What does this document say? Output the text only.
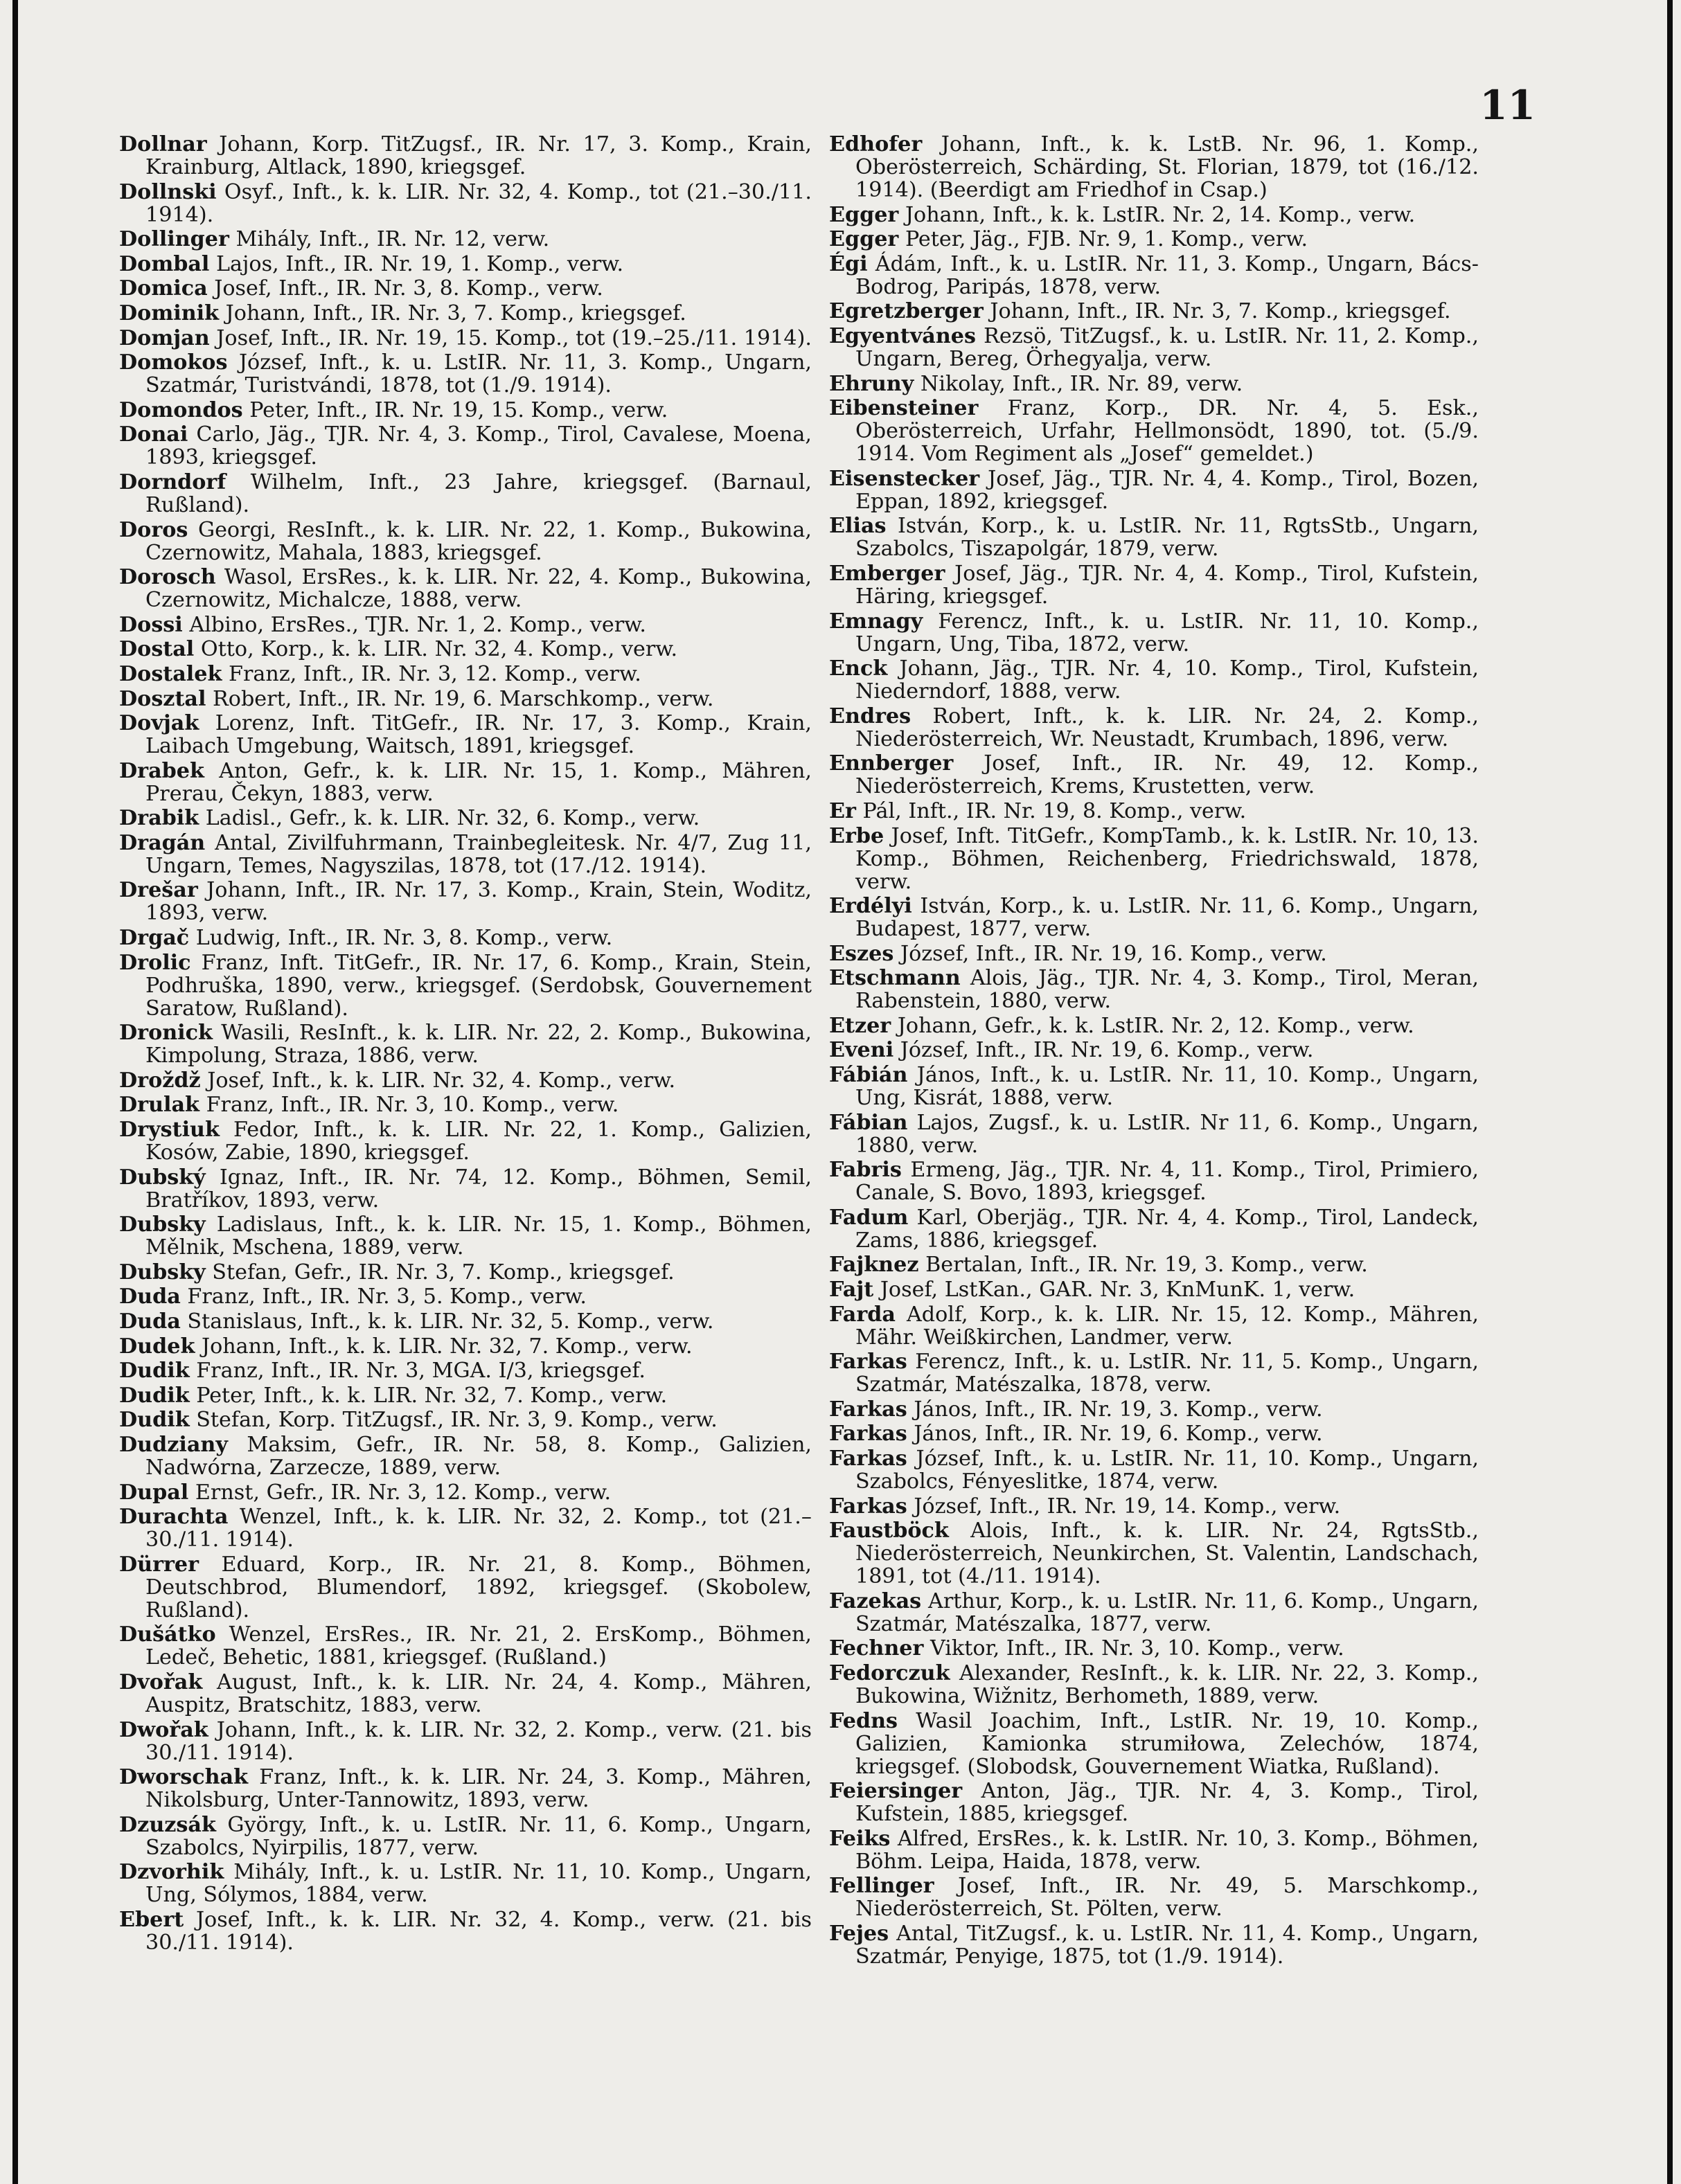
11

Dollnar Johann, Korp. TitZugsf., IR. Nr. 17, 3. Komp., Krain, Krainburg, Altlack, 1890, kriegsgef.

Dollnski Osyf., Inft., k. k. LIR. Nr. 32, 4. Komp., tot (21.–30./11. 1914).

Dollinger Mihály, Inft., IR. Nr. 12, verw.

Dombal Lajos, Inft., IR. Nr. 19, 1. Komp., verw.

Domica Josef, Inft., IR. Nr. 3, 8. Komp., verw.

Dominik Johann, Inft., IR. Nr. 3, 7. Komp., kriegsgef.

Domjan Josef, Inft., IR. Nr. 19, 15. Komp., tot (19.–25./11. 1914).

Domokos József, Inft., k. u. LstIR. Nr. 11, 3. Komp., Ungarn, Szatmár, Turistvándi, 1878, tot (1./9. 1914).

Domondos Peter, Inft., IR. Nr. 19, 15. Komp., verw.

Donai Carlo, Jäg., TJR. Nr. 4, 3. Komp., Tirol, Cavalese, Moena, 1893, kriegsgef.

Dorndorf Wilhelm, Inft., 23 Jahre, kriegsgef. (Barnaul, Rußland).

Doros Georgi, ResInft., k. k. LIR. Nr. 22, 1. Komp., Bukowina, Czernowitz, Mahala, 1883, kriegsgef.

Dorosch Wasol, ErsRes., k. k. LIR. Nr. 22, 4. Komp., Bukowina, Czernowitz, Michalcze, 1888, verw.

Dossi Albino, ErsRes., TJR. Nr. 1, 2. Komp., verw.

Dostal Otto, Korp., k. k. LIR. Nr. 32, 4. Komp., verw.

Dostalek Franz, Inft., IR. Nr. 3, 12. Komp., verw.

Dosztal Robert, Inft., IR. Nr. 19, 6. Marschkomp., verw.

Dovjak Lorenz, Inft. TitGefr., IR. Nr. 17, 3. Komp., Krain, Laibach Umgebung, Waitsch, 1891, kriegsgef.

Drabek Anton, Gefr., k. k. LIR. Nr. 15, 1. Komp., Mähren, Prerau, Čekyn, 1883, verw.

Drabik Ladisl., Gefr., k. k. LIR. Nr. 32, 6. Komp., verw.

Dragán Antal, Zivilfuhrmann, Trainbegleitesk. Nr. 4/7, Zug 11, Ungarn, Temes, Nagyszilas, 1878, tot (17./12. 1914).

Drešar Johann, Inft., IR. Nr. 17, 3. Komp., Krain, Stein, Woditz, 1893, verw.

Drgač Ludwig, Inft., IR. Nr. 3, 8. Komp., verw.

Drolic Franz, Inft. TitGefr., IR. Nr. 17, 6. Komp., Krain, Stein, Podhruška, 1890, verw., kriegsgef. (Serdobsk, Gouvernement Saratow, Rußland).

Dronick Wasili, ResInft., k. k. LIR. Nr. 22, 2. Komp., Bukowina, Kimpolung, Straza, 1886, verw.

Droždž Josef, Inft., k. k. LIR. Nr. 32, 4. Komp., verw.

Drulak Franz, Inft., IR. Nr. 3, 10. Komp., verw.

Drystiuk Fedor, Inft., k. k. LIR. Nr. 22, 1. Komp., Galizien, Kosów, Zabie, 1890, kriegsgef.

Dubský Ignaz, Inft., IR. Nr. 74, 12. Komp., Böhmen, Semil, Bratříkov, 1893, verw.

Dubsky Ladislaus, Inft., k. k. LIR. Nr. 15, 1. Komp., Böhmen, Mělnik, Mschena, 1889, verw.

Dubsky Stefan, Gefr., IR. Nr. 3, 7. Komp., kriegsgef.

Duda Franz, Inft., IR. Nr. 3, 5. Komp., verw.

Duda Stanislaus, Inft., k. k. LIR. Nr. 32, 5. Komp., verw.

Dudek Johann, Inft., k. k. LIR. Nr. 32, 7. Komp., verw.

Dudik Franz, Inft., IR. Nr. 3, MGA. I/3, kriegsgef.

Dudik Peter, Inft., k. k. LIR. Nr. 32, 7. Komp., verw.

Dudik Stefan, Korp. TitZugsf., IR. Nr. 3, 9. Komp., verw.

Dudziany Maksim, Gefr., IR. Nr. 58, 8. Komp., Galizien, Nadwórna, Zarzecze, 1889, verw.

Dupal Ernst, Gefr., IR. Nr. 3, 12. Komp., verw.

Durachta Wenzel, Inft., k. k. LIR. Nr. 32, 2. Komp., tot (21.–30./11. 1914).

Dürrer Eduard, Korp., IR. Nr. 21, 8. Komp., Böhmen, Deutschbrod, Blumendorf, 1892, kriegsgef. (Skobolew, Rußland).

Dušátko Wenzel, ErsRes., IR. Nr. 21, 2. ErsKomp., Böhmen, Ledeč, Behetic, 1881, kriegsgef. (Rußland.)

Dvořak August, Inft., k. k. LIR. Nr. 24, 4. Komp., Mähren, Auspitz, Bratschitz, 1883, verw.

Dwořak Johann, Inft., k. k. LIR. Nr. 32, 2. Komp., verw. (21. bis 30./11. 1914).

Dworschak Franz, Inft., k. k. LIR. Nr. 24, 3. Komp., Mähren, Nikolsburg, Unter-Tannowitz, 1893, verw.

Dzuzsák György, Inft., k. u. LstIR. Nr. 11, 6. Komp., Ungarn, Szabolcs, Nyirpilis, 1877, verw.

Dzvorhik Mihály, Inft., k. u. LstIR. Nr. 11, 10. Komp., Ungarn, Ung, Sólymos, 1884, verw.

Ebert Josef, Inft., k. k. LIR. Nr. 32, 4. Komp., verw. (21. bis 30./11. 1914).

Edhofer Johann, Inft., k. k. LstB. Nr. 96, 1. Komp., Oberösterreich, Schärding, St. Florian, 1879, tot (16./12. 1914). (Beerdigt am Friedhof in Csap.)

Egger Johann, Inft., k. k. LstIR. Nr. 2, 14. Komp., verw.

Egger Peter, Jäg., FJB. Nr. 9, 1. Komp., verw.

Égi Ádám, Inft., k. u. LstIR. Nr. 11, 3. Komp., Ungarn, Bács-Bodrog, Paripás, 1878, verw.

Egretzberger Johann, Inft., IR. Nr. 3, 7. Komp., kriegsgef.

Egyentvánes Rezsö, TitZugsf., k. u. LstIR. Nr. 11, 2. Komp., Ungarn, Bereg, Örhegyalja, verw.

Ehruny Nikolay, Inft., IR. Nr. 89, verw.

Eibensteiner Franz, Korp., DR. Nr. 4, 5. Esk., Oberösterreich, Urfahr, Hellmonsödt, 1890, tot. (5./9. 1914. Vom Regiment als „Josef“ gemeldet.)

Eisenstecker Josef, Jäg., TJR. Nr. 4, 4. Komp., Tirol, Bozen, Eppan, 1892, kriegsgef.

Elias István, Korp., k. u. LstIR. Nr. 11, RgtsStb., Ungarn, Szabolcs, Tiszapolgár, 1879, verw.

Emberger Josef, Jäg., TJR. Nr. 4, 4. Komp., Tirol, Kufstein, Häring, kriegsgef.

Emnagy Ferencz, Inft., k. u. LstIR. Nr. 11, 10. Komp., Ungarn, Ung, Tiba, 1872, verw.

Enck Johann, Jäg., TJR. Nr. 4, 10. Komp., Tirol, Kufstein, Niederndorf, 1888, verw.

Endres Robert, Inft., k. k. LIR. Nr. 24, 2. Komp., Niederösterreich, Wr. Neustadt, Krumbach, 1896, verw.

Ennberger Josef, Inft., IR. Nr. 49, 12. Komp., Niederösterreich, Krems, Krustetten, verw.

Er Pál, Inft., IR. Nr. 19, 8. Komp., verw.

Erbe Josef, Inft. TitGefr., KompTamb., k. k. LstIR. Nr. 10, 13. Komp., Böhmen, Reichenberg, Friedrichswald, 1878, verw.

Erdélyi István, Korp., k. u. LstIR. Nr. 11, 6. Komp., Ungarn, Budapest, 1877, verw.

Eszes József, Inft., IR. Nr. 19, 16. Komp., verw.

Etschmann Alois, Jäg., TJR. Nr. 4, 3. Komp., Tirol, Meran, Rabenstein, 1880, verw.

Etzer Johann, Gefr., k. k. LstIR. Nr. 2, 12. Komp., verw.

Eveni József, Inft., IR. Nr. 19, 6. Komp., verw.

Fábián János, Inft., k. u. LstIR. Nr. 11, 10. Komp., Ungarn, Ung, Kisrát, 1888, verw.

Fábian Lajos, Zugsf., k. u. LstIR. Nr 11, 6. Komp., Ungarn, 1880, verw.

Fabris Ermeng, Jäg., TJR. Nr. 4, 11. Komp., Tirol, Primiero, Canale, S. Bovo, 1893, kriegsgef.

Fadum Karl, Oberjäg., TJR. Nr. 4, 4. Komp., Tirol, Landeck, Zams, 1886, kriegsgef.

Fajknez Bertalan, Inft., IR. Nr. 19, 3. Komp., verw.

Fajt Josef, LstKan., GAR. Nr. 3, KnMunK. 1, verw.

Farda Adolf, Korp., k. k. LIR. Nr. 15, 12. Komp., Mähren, Mähr. Weißkirchen, Landmer, verw.

Farkas Ferencz, Inft., k. u. LstIR. Nr. 11, 5. Komp., Ungarn, Szatmár, Matészalka, 1878, verw.

Farkas János, Inft., IR. Nr. 19, 3. Komp., verw.

Farkas János, Inft., IR. Nr. 19, 6. Komp., verw.

Farkas József, Inft., k. u. LstIR. Nr. 11, 10. Komp., Ungarn, Szabolcs, Fényeslitke, 1874, verw.

Farkas József, Inft., IR. Nr. 19, 14. Komp., verw.

Faustböck Alois, Inft., k. k. LIR. Nr. 24, RgtsStb., Niederösterreich, Neunkirchen, St. Valentin, Landschach, 1891, tot (4./11. 1914).

Fazekas Arthur, Korp., k. u. LstIR. Nr. 11, 6. Komp., Ungarn, Szatmár, Matészalka, 1877, verw.

Fechner Viktor, Inft., IR. Nr. 3, 10. Komp., verw.

Fedorczuk Alexander, ResInft., k. k. LIR. Nr. 22, 3. Komp., Bukowina, Wižnitz, Berhometh, 1889, verw.

Fedns Wasil Joachim, Inft., LstIR. Nr. 19, 10. Komp., Galizien, Kamionka strumiłowa, Zelechów, 1874, kriegsgef. (Slobodsk, Gouvernement Wiatka, Rußland).

Feiersinger Anton, Jäg., TJR. Nr. 4, 3. Komp., Tirol, Kufstein, 1885, kriegsgef.

Feiks Alfred, ErsRes., k. k. LstIR. Nr. 10, 3. Komp., Böhmen, Böhm. Leipa, Haida, 1878, verw.

Fellinger Josef, Inft., IR. Nr. 49, 5. Marschkomp., Niederösterreich, St. Pölten, verw.

Fejes Antal, TitZugsf., k. u. LstIR. Nr. 11, 4. Komp., Ungarn, Szatmár, Penyige, 1875, tot (1./9. 1914).
